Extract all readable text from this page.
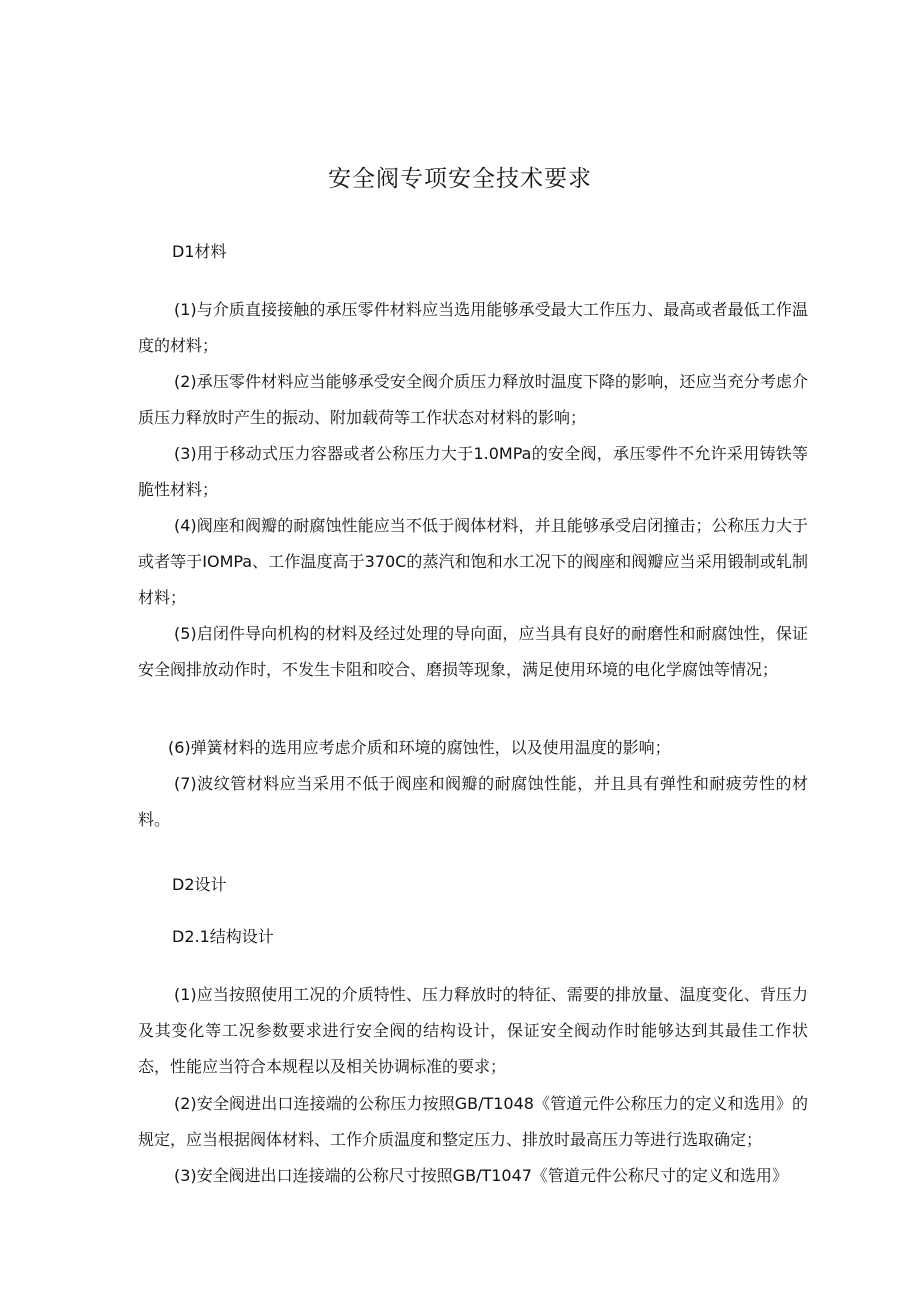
安全阀专项安全技术要求
D1材料
(1)与介质直接接触的承压零件材料应当选用能够承受最大工作压力、最高或者最低工作温度的材料；
(2)承压零件材料应当能够承受安全阀介质压力释放时温度下降的影响，还应当充分考虑介质压力释放时产生的振动、附加载荷等工作状态对材料的影响；
(3)用于移动式压力容器或者公称压力大于1.0MPa的安全阀，承压零件不允许采用铸铁等脆性材料；
(4)阀座和阀瓣的耐腐蚀性能应当不低于阀体材料，并且能够承受启闭撞击；公称压力大于或者等于IOMPa、工作温度高于370C的蒸汽和饱和水工况下的阀座和阀瓣应当采用锻制或轧制材料；
(5)启闭件导向机构的材料及经过处理的导向面，应当具有良好的耐磨性和耐腐蚀性，保证安全阀排放动作时，不发生卡阻和咬合、磨损等现象，满足使用环境的电化学腐蚀等情况；
(6)弹簧材料的选用应考虑介质和环境的腐蚀性，以及使用温度的影响；
(7)波纹管材料应当采用不低于阀座和阀瓣的耐腐蚀性能，并且具有弹性和耐疲劳性的材料。
D2设计
D2.1结构设计
(1)应当按照使用工况的介质特性、压力释放时的特征、需要的排放量、温度变化、背压力及其变化等工况参数要求进行安全阀的结构设计，保证安全阀动作时能够达到其最佳工作状态，性能应当符合本规程以及相关协调标准的要求；
(2)安全阀进出口连接端的公称压力按照GB/T1048《管道元件公称压力的定义和选用》的规定，应当根据阀体材料、工作介质温度和整定压力、排放时最高压力等进行选取确定；
(3)安全阀进出口连接端的公称尺寸按照GB/T1047《管道元件公称尺寸的定义和选用》
